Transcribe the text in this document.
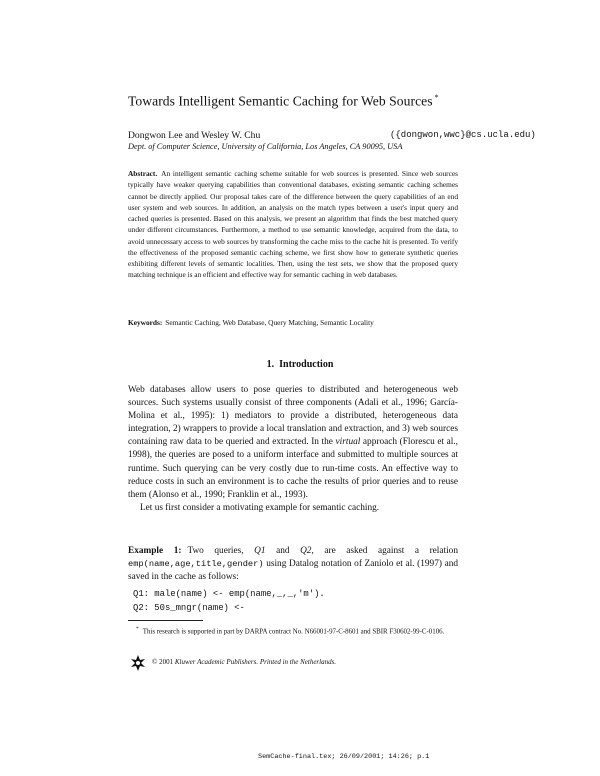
Towards Intelligent Semantic Caching for Web Sources *
Dongwon Lee and Wesley W. Chu	({dongwon,wwc}@cs.ucla.edu)
Dept. of Computer Science, University of California, Los Angeles, CA 90095, USA
Abstract. An intelligent semantic caching scheme suitable for web sources is presented. Since web sources typically have weaker querying capabilities than conventional databases, existing semantic caching schemes cannot be directly applied. Our proposal takes care of the difference between the query capabilities of an end user system and web sources. In addition, an analysis on the match types between a user's input query and cached queries is presented. Based on this analysis, we present an algorithm that finds the best matched query under different circumstances. Furthermore, a method to use semantic knowledge, acquired from the data, to avoid unnecessary access to web sources by transforming the cache miss to the cache hit is presented. To verify the effectiveness of the proposed semantic caching scheme, we first show how to generate synthetic queries exhibiting different levels of semantic localities. Then, using the test sets, we show that the proposed query matching technique is an efficient and effective way for semantic caching in web databases.
Keywords: Semantic Caching, Web Database, Query Matching, Semantic Locality
1. Introduction

Web databases allow users to pose queries to distributed and heterogeneous web sources. Such systems usually consist of three components (Adali et al., 1996; García-Molina et al., 1995): 1) mediators to provide a distributed, heterogeneous data integration, 2) wrappers to provide a local translation and extraction, and 3) web sources containing raw data to be queried and extracted. In the virtual approach (Florescu et al., 1998), the queries are posed to a uniform interface and submitted to multiple sources at runtime. Such querying can be very costly due to run-time costs. An effective way to reduce costs in such an environment is to cache the results of prior queries and to reuse them (Alonso et al., 1990; Franklin et al., 1993).

Let us first consider a motivating example for semantic caching.

Example 1: Two queries, Q1 and Q2, are asked against a relation emp(name,age,title,gender) using Datalog notation of Zaniolo et al. (1997) and saved in the cache as follows:
Q1: male(name) <- emp(name,_,_,'m').
Q2: 50s_mngr(name) <-
* This research is supported in part by DARPA contract No. N66001-97-C-8601 and SBIR F30602-99-C-0106.
© 2001 Kluwer Academic Publishers. Printed in the Netherlands.
SemCache-final.tex; 26/09/2001; 14:26; p.1
